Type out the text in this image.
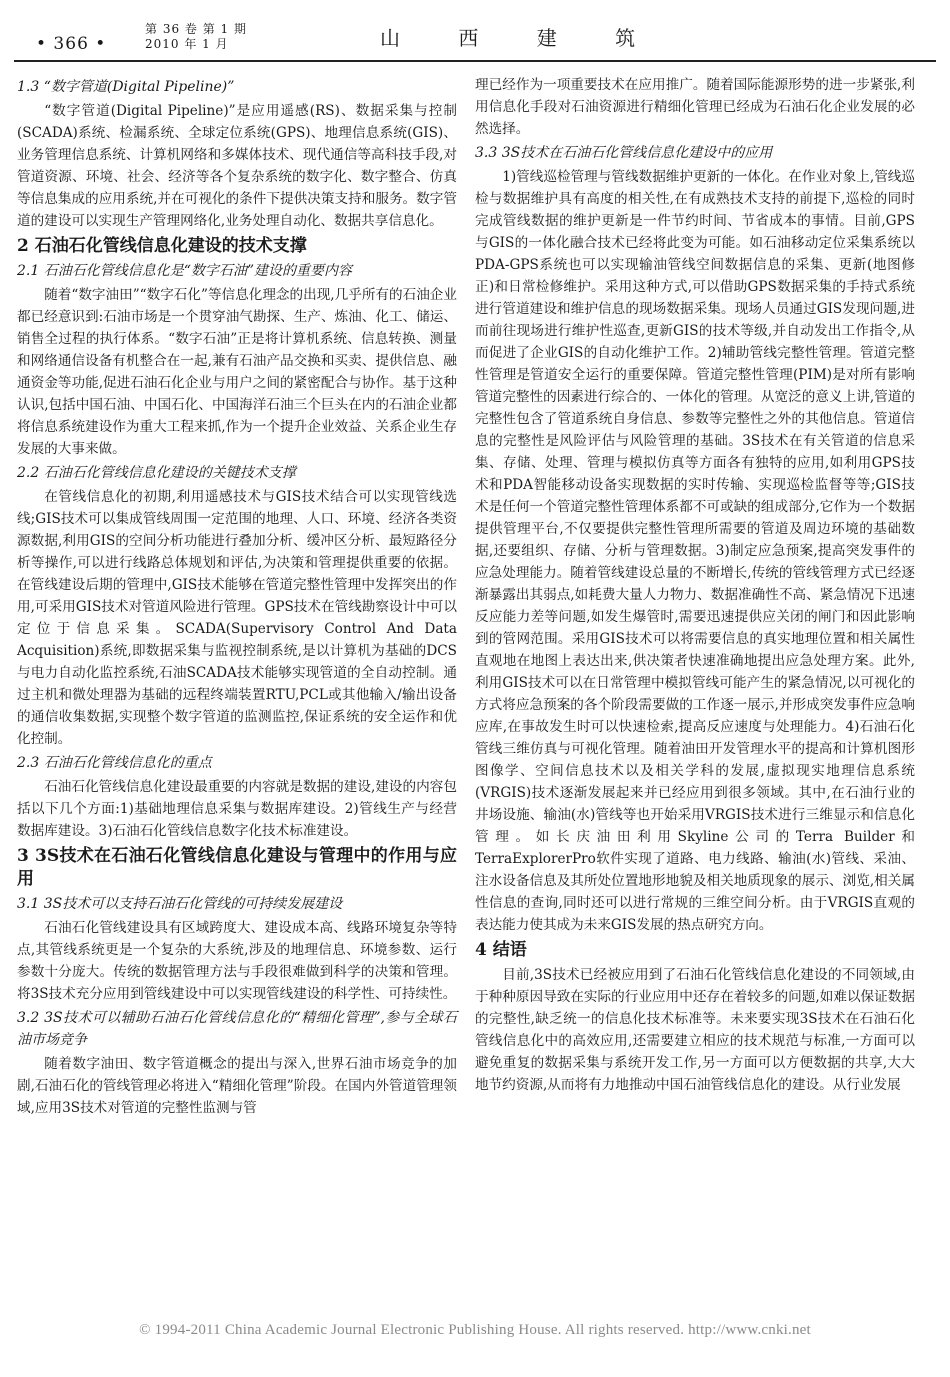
• 366 •
第 36 卷 第 1 期
2010 年 1 月	山 西 建 筑
1.3 “数字管道(Digital Pipeline)”

“数字管道(Digital Pipeline)”是应用遥感(RS)、数据采集与控制(SCADA)系统、检漏系统、全球定位系统(GPS)、地理信息系统(GIS)、业务管理信息系统、计算机网络和多媒体技术、现代通信等高科技手段,对管道资源、环境、社会、经济等各个复杂系统的数字化、数字整合、仿真等信息集成的应用系统,并在可视化的条件下提供决策支持和服务。数字管道的建设可以实现生产管理网络化,业务处理自动化、数据共享信息化。

2 石油石化管线信息化建设的技术支撑
2.1 石油石化管线信息化是“数字石油”建设的重要内容

随着“数字油田”“数字石化”等信息化理念的出现,几乎所有的石油企业都已经意识到:石油市场是一个贯穿油气勘探、生产、炼油、化工、储运、销售全过程的执行体系。“数字石油”正是将计算机系统、信息转换、测量和网络通信设备有机整合在一起,兼有石油产品交换和买卖、提供信息、融通资金等功能,促进石油石化企业与用户之间的紧密配合与协作。基于这种认识,包括中国石油、中国石化、中国海洋石油三个巨头在内的石油企业都将信息系统建设作为重大工程来抓,作为一个提升企业效益、关系企业生存发展的大事来做。

2.2 石油石化管线信息化建设的关键技术支撑

在管线信息化的初期,利用遥感技术与GIS技术结合可以实现管线选线;GIS技术可以集成管线周围一定范围的地理、人口、环境、经济各类资源数据,利用GIS的空间分析功能进行叠加分析、缓冲区分析、最短路径分析等操作,可以进行线路总体规划和评估,为决策和管理提供重要的依据。在管线建设后期的管理中,GIS技术能够在管道完整性管理中发挥突出的作用,可采用GIS技术对管道风险进行管理。GPS技术在管线勘察设计中可以定位于信息采集。SCADA(Supervisory Control And Data Acquisition)系统,即数据采集与监视控制系统,是以计算机为基础的DCS与电力自动化监控系统,石油SCADA技术能够实现管道的全自动控制。通过主机和微处理器为基础的远程终端装置RTU,PCL或其他输入/输出设备的通信收集数据,实现整个数字管道的监测监控,保证系统的安全运作和优化控制。

2.3 石油石化管线信息化的重点

石油石化管线信息化建设最重要的内容就是数据的建设,建设的内容包括以下几个方面:1)基础地理信息采集与数据库建设。2)管线生产与经营数据库建设。3)石油石化管线信息数字化技术标准建设。

3 3S技术在石油石化管线信息化建设与管理中的作用与应用
3.1 3S技术可以支持石油石化管线的可持续发展建设

石油石化管线建设具有区域跨度大、建设成本高、线路环境复杂等特点,其管线系统更是一个复杂的大系统,涉及的地理信息、环境参数、运行参数十分庞大。传统的数据管理方法与手段很难做到科学的决策和管理。将3S技术充分应用到管线建设中可以实现管线建设的科学性、可持续性。

3.2 3S技术可以辅助石油石化管线信息化的“精细化管理”,参与全球石油市场竞争

随着数字油田、数字管道概念的提出与深入,世界石油市场竞争的加剧,石油石化的管线管理必将进入“精细化管理”阶段。在国内外管道管理领域,应用3S技术对管道的完整性监测与管

理已经作为一项重要技术在应用推广。随着国际能源形势的进一步紧张,利用信息化手段对石油资源进行精细化管理已经成为石油石化企业发展的必然选择。

3.3 3S技术在石油石化管线信息化建设中的应用

1)管线巡检管理与管线数据维护更新的一体化。在作业对象上,管线巡检与数据维护具有高度的相关性,在有成熟技术支持的前提下,巡检的同时完成管线数据的维护更新是一件节约时间、节省成本的事情。目前,GPS与GIS的一体化融合技术已经将此变为可能。如石油移动定位采集系统以PDA-GPS系统也可以实现输油管线空间数据信息的采集、更新(地图修正)和日常检修维护。采用这种方式,可以借助GPS数据采集的手持式系统进行管道建设和维护信息的现场数据采集。现场人员通过GIS发现问题,进而前往现场进行维护性巡查,更新GIS的技术等级,并自动发出工作指令,从而促进了企业GIS的自动化维护工作。2)辅助管线完整性管理。管道完整性管理是管道安全运行的重要保障。管道完整性管理(PIM)是对所有影响管道完整性的因素进行综合的、一体化的管理。从宽泛的意义上讲,管道的完整性包含了管道系统自身信息、参数等完整性之外的其他信息。管道信息的完整性是风险评估与风险管理的基础。3S技术在有关管道的信息采集、存储、处理、管理与模拟仿真等方面各有独特的应用,如利用GPS技术和PDA智能移动设备实现数据的实时传输、实现巡检监督等等;GIS技术是任何一个管道完整性管理体系都不可或缺的组成部分,它作为一个数据提供管理平台,不仅要提供完整性管理所需要的管道及周边环境的基础数据,还要组织、存储、分析与管理数据。3)制定应急预案,提高突发事件的应急处理能力。随着管线建设总量的不断增长,传统的管线管理方式已经逐渐暴露出其弱点,如耗费大量人力物力、数据准确性不高、紧急情况下迅速反应能力差等问题,如发生爆管时,需要迅速提供应关闭的闸门和因此影响到的管网范围。采用GIS技术可以将需要信息的真实地理位置和相关属性直观地在地图上表达出来,供决策者快速准确地提出应急处理方案。此外,利用GIS技术可以在日常管理中模拟管线可能产生的紧急情况,以可视化的方式将应急预案的各个阶段需要做的工作逐一展示,并形成突发事件应急响应库,在事故发生时可以快速检索,提高反应速度与处理能力。4)石油石化管线三维仿真与可视化管理。随着油田开发管理水平的提高和计算机图形图像学、空间信息技术以及相关学科的发展,虚拟现实地理信息系统(VRGIS)技术逐渐发展起来并已经应用到很多领域。其中,在石油行业的井场设施、输油(水)管线等也开始采用VRGIS技术进行三维显示和信息化管理。如长庆油田利用Skyline公司的Terra Builder和TerraExplorerPro软件实现了道路、电力线路、输油(水)管线、采油、注水设备信息及其所处位置地形地貌及相关地质现象的展示、浏览,相关属性信息的查询,同时还可以进行常规的三维空间分析。由于VRGIS直观的表达能力使其成为未来GIS发展的热点研究方向。

4 结语

目前,3S技术已经被应用到了石油石化管线信息化建设的不同领域,由于种种原因导致在实际的行业应用中还存在着较多的问题,如难以保证数据的完整性,缺乏统一的信息化技术标准等。未来要实现3S技术在石油石化管线信息化中的高效应用,还需要建立相应的技术规范与标准,一方面可以避免重复的数据采集与系统开发工作,另一方面可以方便数据的共享,大大地节约资源,从而将有力地推动中国石油管线信息化的建设。从行业发展

© 1994-2011 China Academic Journal Electronic Publishing House. All rights reserved. http://www.cnki.net
